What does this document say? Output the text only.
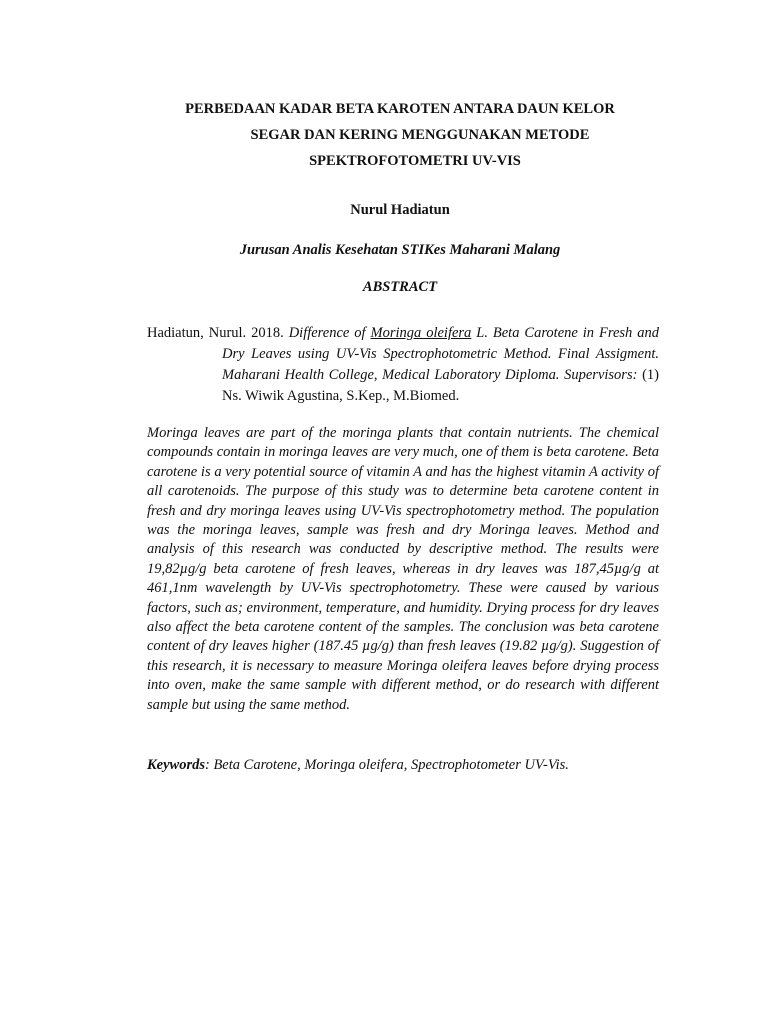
PERBEDAAN KADAR BETA KAROTEN ANTARA DAUN KELOR

SEGAR DAN KERING MENGGUNAKAN METODE

SPEKTROFOTOMETRI UV-VIS

Nurul Hadiatun

Jurusan Analis Kesehatan STIKes Maharani Malang

ABSTRACT

Hadiatun, Nurul. 2018. Difference of Moringa oleifera L. Beta Carotene in Fresh and Dry Leaves using UV-Vis Spectrophotometric Method. Final Assigment. Maharani Health College, Medical Laboratory Diploma. Supervisors: (1) Ns. Wiwik Agustina, S.Kep., M.Biomed.

Moringa leaves are part of the moringa plants that contain nutrients. The chemical compounds contain in moringa leaves are very much, one of them is beta carotene. Beta carotene is a very potential source of vitamin A and has the highest vitamin A activity of all carotenoids. The purpose of this study was to determine beta carotene content in fresh and dry moringa leaves using UV-Vis spectrophotometry method. The population was the moringa leaves, sample was fresh and dry Moringa leaves. Method and analysis of this research was conducted by descriptive method. The results were 19,82µg/g beta carotene of fresh leaves, whereas in dry leaves was 187,45µg/g at 461,1nm wavelength by UV-Vis spectrophotometry. These were caused by various factors, such as; environment, temperature, and humidity. Drying process for dry leaves also affect the beta carotene content of the samples. The conclusion was beta carotene content of dry leaves higher (187.45 µg/g) than fresh leaves (19.82 µg/g). Suggestion of this research, it is necessary to measure Moringa oleifera leaves before drying process into oven, make the same sample with different method, or do research with different sample but using the same method.

Keywords: Beta Carotene, Moringa oleifera, Spectrophotometer UV-Vis.
